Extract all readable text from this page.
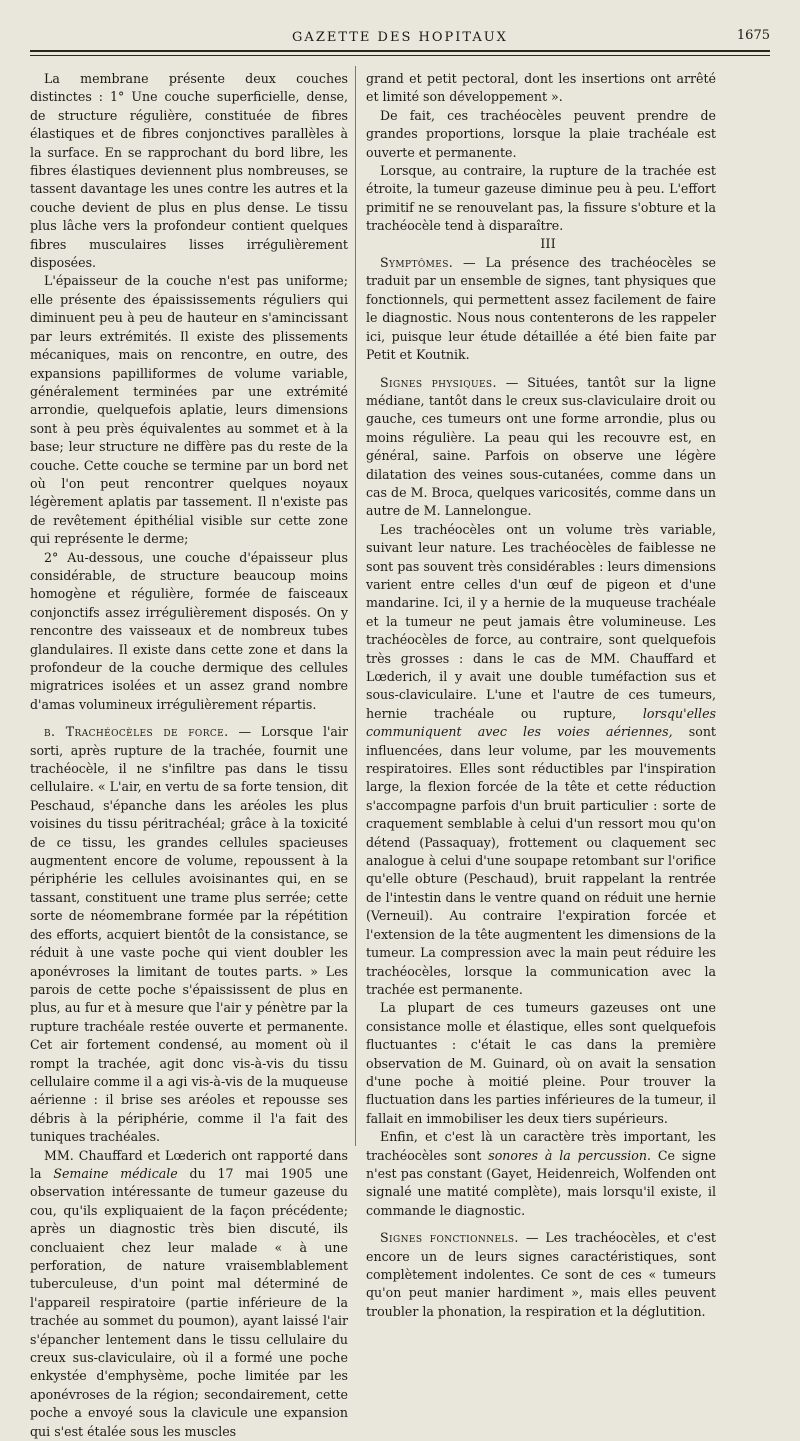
GAZETTE DES HOPITAUX	1675

La membrane présente deux couches distinctes : 1° Une couche superficielle, dense, de structure régulière, constituée de fibres élastiques et de fibres conjonctives parallèles à la surface. En se rapprochant du bord libre, les fibres élastiques deviennent plus nombreuses, se tassent davantage les unes contre les autres et la couche devient de plus en plus dense. Le tissu plus lâche vers la profondeur contient quelques fibres musculaires lisses irrégulièrement disposées.

L'épaisseur de la couche n'est pas uniforme; elle présente des épaississements réguliers qui diminuent peu à peu de hauteur en s'amincissant par leurs extrémités. Il existe des plissements mécaniques, mais on rencontre, en outre, des expansions papilliformes de volume variable, généralement terminées par une extrémité arrondie, quelquefois aplatie, leurs dimensions sont à peu près équivalentes au sommet et à la base; leur structure ne diffère pas du reste de la couche. Cette couche se termine par un bord net où l'on peut rencontrer quelques noyaux légèrement aplatis par tassement. Il n'existe pas de revêtement épithélial visible sur cette zone qui représente le derme;

2° Au-dessous, une couche d'épaisseur plus considérable, de structure beaucoup moins homogène et régulière, formée de faisceaux conjonctifs assez irrégulièrement disposés. On y rencontre des vaisseaux et de nombreux tubes glandulaires. Il existe dans cette zone et dans la profondeur de la couche dermique des cellules migratrices isolées et un assez grand nombre d'amas volumineux irrégulièrement répartis.

b. Trachéocèles de force. — Lorsque l'air sorti, après rupture de la trachée, fournit une trachéocèle, il ne s'infiltre pas dans le tissu cellulaire. « L'air, en vertu de sa forte tension, dit Peschaud, s'épanche dans les aréoles les plus voisines du tissu péritrachéal; grâce à la toxicité de ce tissu, les grandes cellules spacieuses augmentent encore de volume, repoussent à la périphérie les cellules avoisinantes qui, en se tassant, constituent une trame plus serrée; cette sorte de néomembrane formée par la répétition des efforts, acquiert bientôt de la consistance, se réduit à une vaste poche qui vient doubler les aponévroses la limitant de toutes parts. » Les parois de cette poche s'épaississent de plus en plus, au fur et à mesure que l'air y pénètre par la rupture trachéale restée ouverte et permanente. Cet air fortement condensé, au moment où il rompt la trachée, agit donc vis-à-vis du tissu cellulaire comme il a agi vis-à-vis de la muqueuse aérienne : il brise ses aréoles et repousse ses débris à la périphérie, comme il l'a fait des tuniques trachéales.

MM. Chauffard et Lœderich ont rapporté dans la Semaine médicale du 17 mai 1905 une observation intéressante de tumeur gazeuse du cou, qu'ils expliquaient de la façon précédente; après un diagnostic très bien discuté, ils concluaient chez leur malade « à une perforation, de nature vraisemblablement tuberculeuse, d'un point mal déterminé de l'appareil respiratoire (partie inférieure de la trachée au sommet du poumon), ayant laissé l'air s'épancher lentement dans le tissu cellulaire du creux sus-claviculaire, où il a formé une poche enkystée d'emphysème, poche limitée par les aponévroses de la région; secondairement, cette poche a envoyé sous la clavicule une expansion qui s'est étalée sous les muscles

grand et petit pectoral, dont les insertions ont arrêté et limité son développement ».

De fait, ces trachéocèles peuvent prendre de grandes proportions, lorsque la plaie trachéale est ouverte et permanente.

Lorsque, au contraire, la rupture de la trachée est étroite, la tumeur gazeuse diminue peu à peu. L'effort primitif ne se renouvelant pas, la fissure s'obture et la trachéocèle tend à disparaître.

III

Symptômes. — La présence des trachéocèles se traduit par un ensemble de signes, tant physiques que fonctionnels, qui permettent assez facilement de faire le diagnostic. Nous nous contenterons de les rappeler ici, puisque leur étude détaillée a été bien faite par Petit et Koutnik.

Signes physiques. — Situées, tantôt sur la ligne médiane, tantôt dans le creux sus-claviculaire droit ou gauche, ces tumeurs ont une forme arrondie, plus ou moins régulière. La peau qui les recouvre est, en général, saine. Parfois on observe une légère dilatation des veines sous-cutanées, comme dans un cas de M. Broca, quelques varicosités, comme dans un autre de M. Lannelongue.

Les trachéocèles ont un volume très variable, suivant leur nature. Les trachéocèles de faiblesse ne sont pas souvent très considérables : leurs dimensions varient entre celles d'un œuf de pigeon et d'une mandarine. Ici, il y a hernie de la muqueuse trachéale et la tumeur ne peut jamais être volumineuse. Les trachéocèles de force, au contraire, sont quelquefois très grosses : dans le cas de MM. Chauffard et Lœderich, il y avait une double tuméfaction sus et sous-claviculaire. L'une et l'autre de ces tumeurs, hernie trachéale ou rupture, lorsqu'elles communiquent avec les voies aériennes, sont influencées, dans leur volume, par les mouvements respiratoires. Elles sont réductibles par l'inspiration large, la flexion forcée de la tête et cette réduction s'accompagne parfois d'un bruit particulier : sorte de craquement semblable à celui d'un ressort mou qu'on détend (Passaquay), frottement ou claquement sec analogue à celui d'une soupape retombant sur l'orifice qu'elle obture (Peschaud), bruit rappelant la rentrée de l'intestin dans le ventre quand on réduit une hernie (Verneuil). Au contraire l'expiration forcée et l'extension de la tête augmentent les dimensions de la tumeur. La compression avec la main peut réduire les trachéocèles, lorsque la communication avec la trachée est permanente.

La plupart de ces tumeurs gazeuses ont une consistance molle et élastique, elles sont quelquefois fluctuantes : c'était le cas dans la première observation de M. Guinard, où on avait la sensation d'une poche à moitié pleine. Pour trouver la fluctuation dans les parties inférieures de la tumeur, il fallait en immobiliser les deux tiers supérieurs.

Enfin, et c'est là un caractère très important, les trachéocèles sont sonores à la percussion. Ce signe n'est pas constant (Gayet, Heidenreich, Wolfenden ont signalé une matité complète), mais lorsqu'il existe, il commande le diagnostic.

Signes fonctionnels. — Les trachéocèles, et c'est encore un de leurs signes caractéristiques, sont complètement indolentes. Ce sont de ces « tumeurs qu'on peut manier hardiment », mais elles peuvent troubler la phonation, la respiration et la déglutition.
